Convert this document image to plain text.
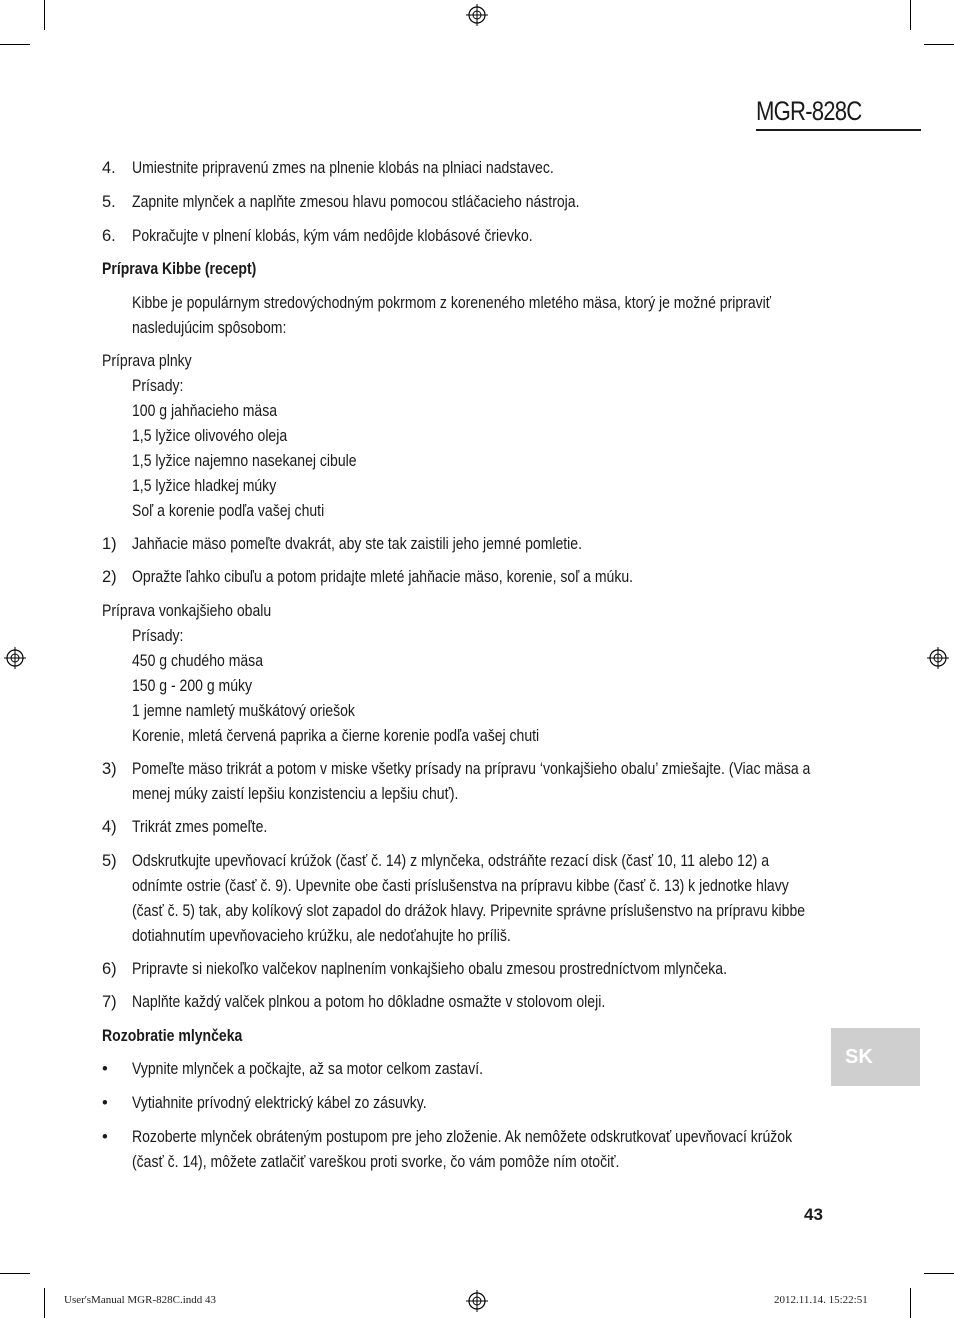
MGR-828C
4. Umiestnite pripravenú zmes na plnenie klobás na plniaci nadstavec.
5. Zapnite mlynček a naplňte zmesou hlavu pomocou stláčacieho nástroja.
6. Pokračujte v plnení klobás, kým vám nedôjde klobásové črievko.
Príprava Kibbe (recept)
Kibbe je populárnym stredovýchodným pokrmom z koreneného mletého mäsa, ktorý je možné pripraviť
nasledujúcim spôsobom:
Príprava plnky
Prísady:
100 g jahňacieho mäsa
1,5 lyžice olivového oleja
1,5 lyžice najemno nasekanej cibule
1,5 lyžice hladkej múky
Soľ a korenie podľa vašej chuti
1) Jahňacie mäso pomeľte dvakrát, aby ste tak zaistili jeho jemné pomletie.
2) Opražte ľahko cibuľu a potom pridajte mleté jahňacie mäso, korenie, soľ a múku.
Príprava vonkajšieho obalu
Prísady:
450 g chudého mäsa
150 g - 200 g múky
1 jemne namletý muškátový oriešok
Korenie, mletá červená paprika a čierne korenie podľa vašej chuti
3) Pomeľte mäso trikrát a potom v miske všetky prísady na prípravu ‘vonkajšieho obalu’ zmiešajte. (Viac mäsa a
menej múky zaistí lepšiu konzistenciu a lepšiu chuť).
4) Trikrát zmes pomeľte.
5) Odskrutkujte upevňovací krúžok (časť č. 14) z mlynčeka, odstráňte rezací disk (časť 10, 11 alebo 12) a
odnímte ostrie (časť č. 9). Upevnite obe časti príslušenstva na prípravu kibbe (časť č. 13) k jednotke hlavy
(časť č. 5) tak, aby kolíkový slot zapadol do drážok hlavy. Pripevnite správne príslušenstvo na prípravu kibbe
dotiahnutím upevňovacieho krúžku, ale nedoťahujte ho príliš.
6) Pripravte si niekoľko valčekov naplnením vonkajšieho obalu zmesou prostredníctvom mlynčeka.
7) Naplňte každý valček plnkou a potom ho dôkladne osmažte v stolovom oleji.
Rozobratie mlynčeka
•	Vypnite mlynček a počkajte, až sa motor celkom zastaví.
•	Vytiahnite prívodný elektrický kábel zo zásuvky.
•	Rozoberte mlynček obráteným postupom pre jeho zloženie. Ak nemôžete odskrutkovať upevňovací krúžok
(časť č. 14), môžete zatlačiť vareškou proti svorke, čo vám pomôže ním otočiť.
SK
43
User'sManual MGR-828C.indd 43	2012.11.14. 15:22:51
